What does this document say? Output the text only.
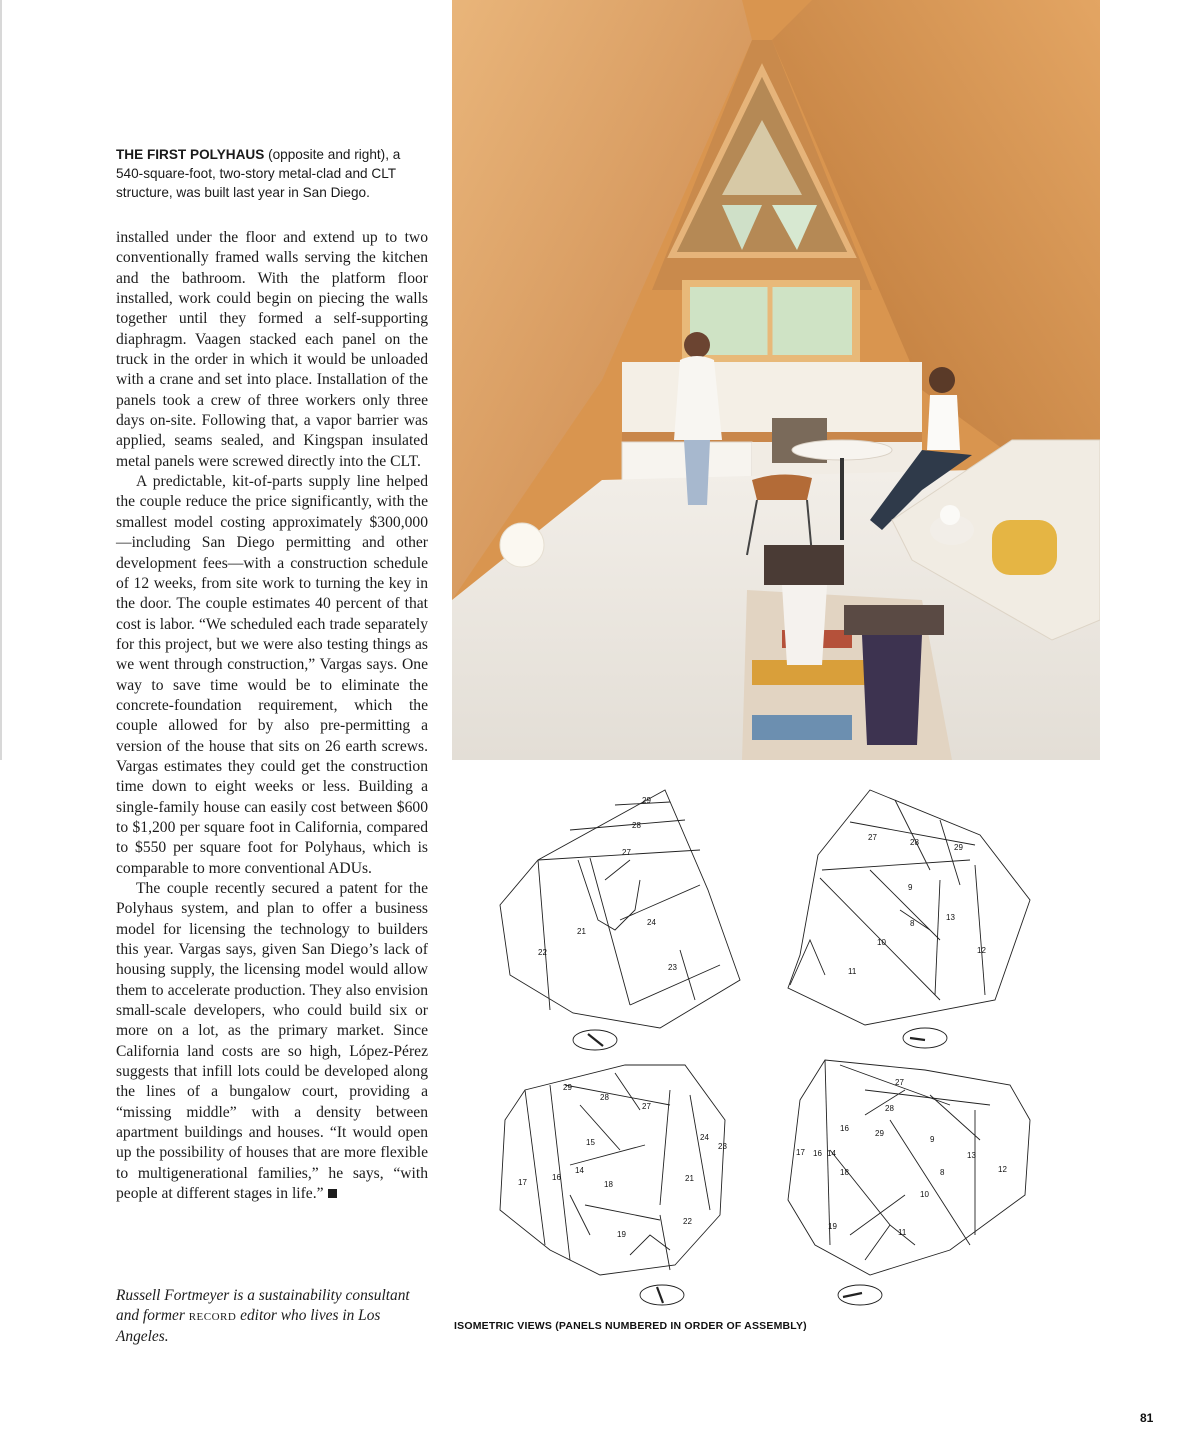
THE FIRST POLYHAUS (opposite and right), a 540-square-foot, two-story metal-clad and CLT structure, was built last year in San Diego.

installed under the floor and extend up to two conventionally framed walls serving the kitchen and the bathroom. With the platform floor installed, work could begin on piecing the walls together until they formed a self-supporting diaphragm. Vaagen stacked each panel on the truck in the order in which it would be unloaded with a crane and set into place. Installation of the panels took a crew of three workers only three days on-site. Following that, a vapor barrier was applied, seams sealed, and Kingspan insulated metal panels were screwed directly into the CLT.

A predictable, kit-of-parts supply line helped the couple reduce the price significantly, with the smallest model costing approximately $300,000—including San Diego permitting and other development fees—with a construction schedule of 12 weeks, from site work to turning the key in the door. The couple estimates 40 percent of that cost is labor. “We scheduled each trade separately for this project, but we were also testing things as we went through construction,” Vargas says. One way to save time would be to eliminate the concrete-foundation requirement, which the couple allowed for by also pre-permitting a version of the house that sits on 26 earth screws. Vargas estimates they could get the construction time down to eight weeks or less. Building a single-family house can easily cost between $600 to $1,200 per square foot in California, compared to $550 per square foot for Polyhaus, which is comparable to more conventional ADUs.

The couple recently secured a patent for the Polyhaus system, and plan to offer a business model for licensing the technology to builders this year. Vargas says, given San Diego’s lack of housing supply, the licensing model would allow them to accelerate production. They also envision small-scale developers, who could build six or more on a lot, as the primary market. Since California land costs are so high, López-Pérez suggests that infill lots could be developed along the lines of a bungalow court, providing a “missing middle” with a density between apartment buildings and houses. “It would open up the possibility of houses that are more flexible to multigenerational families,” he says, “with people at different stages in life.”

Russell Fortmeyer is a sustainability consultant and former record editor who lives in Los Angeles.
29
28
27
21
24
22
23
27
28
29
9
13
8
10
12
11
29
28
27
15
24
23
14
17
16
18
21
22
19
27
28
16
29
9
17 16 14	13
8
18	12
10
19
11
ISOMETRIC VIEWS (PANELS NUMBERED IN ORDER OF ASSEMBLY)
81
